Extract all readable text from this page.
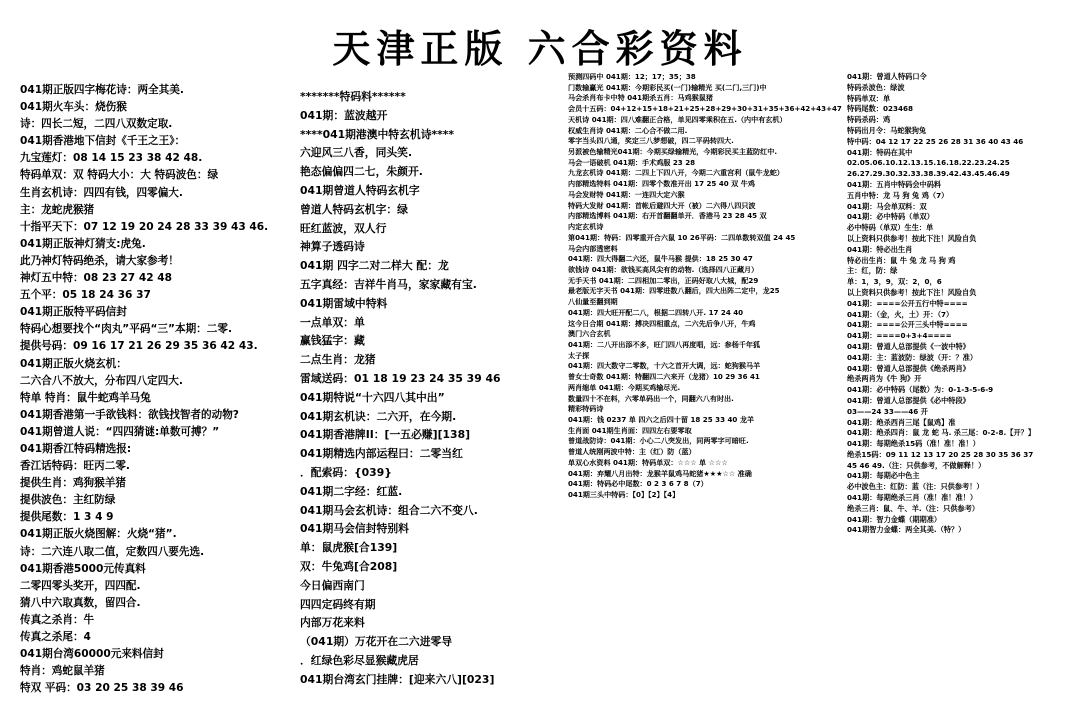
天津正版 六合彩资料
041期正版四字梅花诗：两全其美.
041期火车头：烧伤猴
诗：四长二短，二四八双数定取.
041期香港地下信封《千王之王》：
九宝莲灯：08 14 15 23 38 42 48.
特码单双：双 特码大小：大 特码波色：绿
生肖玄机诗：四四有钱，四零偏大.
主：龙蛇虎猴猪
十指平天下：07 12 19 20 24 28 33 39 43 46.
041期正版神灯猜支:虎兔.
此乃神灯特码绝杀，请大家参考！
神灯五中特：08 23 27 42 48
五个平：05 18 24 36 37
041期正版特平码信封
特码心想要找个“肉丸”平码“三”本期：二零.
提供号码：09 16 17 21 26 29 35 36 42 43.
041期正版火烧玄机：
二六合八不放大，分布四八定四大.
特单 特肖：鼠牛蛇鸡羊马兔
041期香港第一手欲钱料：欲钱找智者的动物?
041期曾道人说：“四四猜谜:单数可搏？”
041期香江特码精选报:
香江话特码：旺丙二零.
提供生肖：鸡狗猴羊猪
提供波色：主红防绿
提供尾数：1 3 4 9
041期正版火烧图解：火烧“猪”.
诗：二六连八取二值，定数四八要先选.
041期香港5000元传真料
二零四零头奖开，四四配.
猜八中六取真数，留四合.
传真之杀肖：牛
传真之杀尾：4
041期台湾60000元来料信封
特肖：鸡蛇鼠羊猪
特双 平码：03 20 25 38 39 46
*******特码料******
041期：蓝波越开
****041期港澳中特玄机诗****
六迎风三八香，同头笑.
艳态偏偏四二七，朱颜开.
041期曾道人特码玄机字
曾道人特码玄机字：绿
旺红蓝波，双人行
神算子透码诗
041期 四字二对二样大 配：龙
五字真经：吉祥牛肖马，家家藏有宝.
041期雷域中特料
一点单双：单
赢钱猛字：藏
二点生肖：龙猪
雷域送码：01 18 19 23 24 35 39 46
041期特说“十六四八其中出”
041期玄机诀：二六开，在今期.
041期香港牌II：[一五必赚][138]
041期精选内部运程曰：二零当红
．配索码：{039}
041期二字经：红蓝.
041期马会玄机诗：组合二六不变八.
041期马会信封特别料
单：鼠虎猴[合139]
双：牛兔鸡[合208]
今日偏西南门
四四定码终有期
内部万花来料
（041期）万花开在二六进零导
．红绿色彩尽显猴藏虎居
041期台湾玄门挂牌：[迎来六八][023]
预测四码中 041期：12；17；35；38
门数输赢光 041期：今期彩民买(一门)输精光 买(二门,三门)中
马会杀肖布卡中特 041期杀五肖：马鸡猴鼠猪
会员十五码：04+12+15+18+21+25+28+29+30+31+35+36+42+43+47
天机诗 041期：四八难翻正合格，单见四零乘积在五.（内中有玄机）
权威生肖诗 041期：二心合不做二用.
零字当头四八通，奖定三八梦想破，四二平码转四大.
另派被色输精光041期：今期买绿输精光，今期彩民买主蓝防红中.
马会一语破机 041期：手术鸡服 23 28
九龙玄机诗 041期：二四上下四八开，今期二六重宫利（鼠牛龙蛇）
内部精选特料 041期：四零个数准开出 17 25 40 双 牛鸡
马会发财特 041期：一连四大定六猴
特码大发财 041期：首帐后避四大开（被）二六得八四只波
内部精选博料 041期：右开首翻翻单开．香港马 23 28 45 双
内定玄机诗
第041期：特码：四零重开合六鼠 10 26平码：二四单数转双值 24 45
马会内部透密料
041期：四大得翻二六还，鼠牛马猴 提供：18 25 30 47
欲钱诗 041期：欲钱买高风尖有的动物.（选择四八正藏月）
无手天书 041期：二四相加二零出，正码好取八大城，配29
最老版无字天书 041期：四零进数八翻后，四大出阵二定中，龙25
八仙量至翻到期
041期：四大旺开配二八，根据二四转八开. 17 24 40
这今日合期 041期：搏决四相重点，二六先后争八开，牛鸡
澳门六合玄机
041期：二八开出添不多，旺门四八再度唱，远：参杨千年狐
太子探
041期：四大数守二零数，十六之首开大调，远：蛇狗猴马羊
曾女士奇数 041期：特翻四二六来开（龙猪）10 29 36 41
两肖缩单 041期：今期买鸡输尽光.
数量四十不在料，六零单码出一个，同翻六八有时出.
精彩特码诗
041期：钱 0237 单 四六之后四十留 18 25 33 40 龙羊
生肖面 041期生肖面：四四左右要零取
曾道战防诗：041期：小心二八突发出，同两零字可暗旺.
曾道人统刚两波中特：主（红）防（蓝）
单双心水资料 041期：特码单双：☆☆☆ 单 ☆☆☆
041期：弃耀八月出特：龙猴羊鼠鸡马蛇猪★★★☆☆ 准确
041期：特码必中尾数：0 2 3 6 7 8（7）
041期三头中特码：【0】【2】【4】
041期：曾道人特码口令
特码杀波色：绿波
特码单双：单
特码尾数：023468
特码杀码：鸡
特码出月令：马蛇猴狗兔
特中码：04 12 17 22 25 26 28 31 36 40 43 46
041期：特码在其中
02.05.06.10.12.13.15.16.18.22.23.24.25
26.27.29.30.32.33.38.39.42.43.45.46.49
041期：五肖中特码会中码料
五肖中特：龙 马 狗 兔 鸡（7）
041期：马会单双料：双
041期：必中特码（单双）
必中特码（单双）生生：单
以上资料只供参考！按此下注！风险自负
041期：特必出生肖
特必出生肖：鼠 牛 兔 龙 马 狗 鸡
主：红，防：绿
单：1，3，9，双：2，0，6
以上资料只供参考！按此下注！风险自负
041期：====公开五行中特====
041期：（金，火，土）开：（7）
041期：====公开三头中特====
041期：====0+3+4====
041期：曾道人总部提供《一波中特》
041期：主：蓝波防：绿波（开：？准）
041期：曾道人总部提供《绝杀两肖》
绝杀两肖为《牛 狗》开
041期：必中特码（尾数）为：0-1-3-5-6-9
041期：曾道人总部提供《必中特段》
03——24 33——46 开
041期：绝杀西肖三尾【鼠鸡】准
041期：绝杀四肖：鼠 龙 蛇 马. 杀三尾：0-2-8.【开？】
041期：每期绝杀15码（准！准！准！）
绝杀15码：09 11 12 13 17 20 25 28 30 35 36 37
45 46 49.（注：只供参考，不做解释！）
041期：每期必中色主
必中波色主：红防：蓝（注：只供参考！）
041期：每期绝杀三肖（准！准！准！）
绝杀三肖：鼠、牛、羊.（注：只供参考）
041期：智力金蝶（期期准）
041期智力金蝶：两全其美.（特？）
